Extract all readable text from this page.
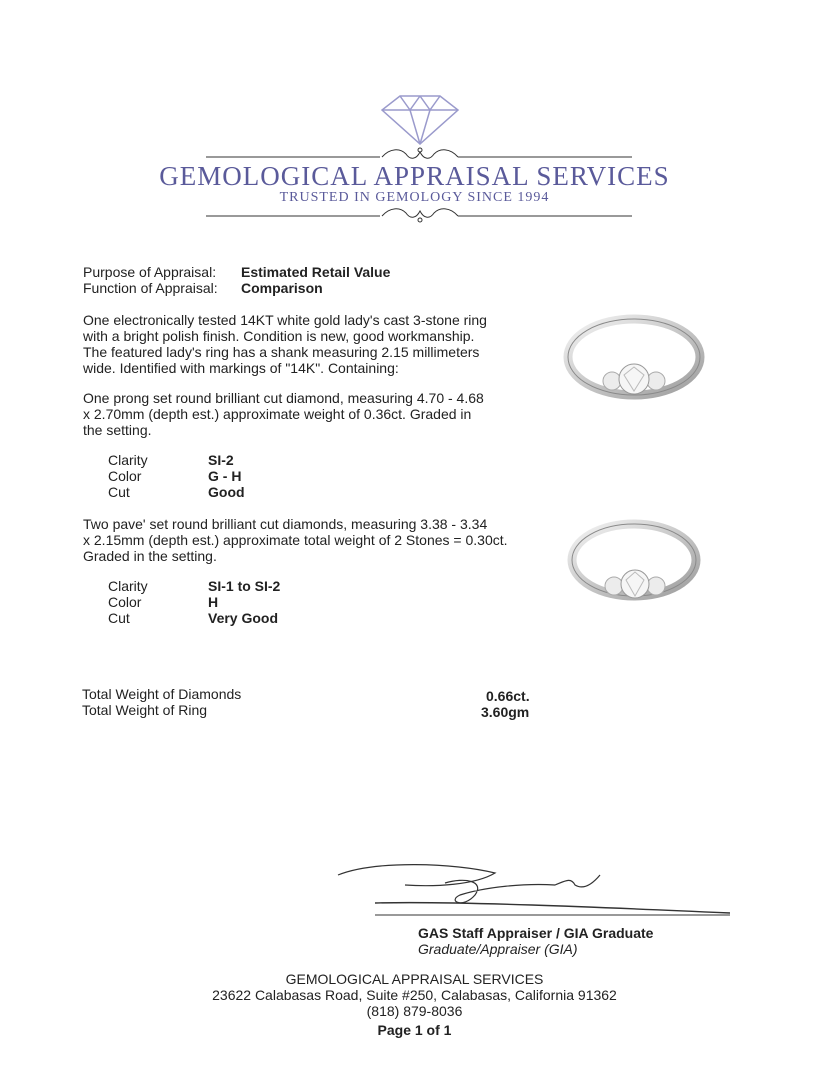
GEMOLOGICAL APPRAISAL SERVICES
TRUSTED IN GEMOLOGY SINCE 1994
Purpose of Appraisal: Estimated Retail Value
Function of Appraisal: Comparison
One electronically tested 14KT white gold lady's cast 3-stone ring
with a bright polish finish. Condition is new, good workmanship.
The featured lady's ring has a shank measuring 2.15 millimeters
wide. Identified with markings of "14K". Containing:
One prong set round brilliant cut diamond, measuring 4.70 - 4.68
x 2.70mm (depth est.) approximate weight of 0.36ct. Graded in
the setting.
Clarity	SI-2
Color	G - H
Cut	Good
Two pave' set round brilliant cut diamonds, measuring 3.38 - 3.34
x 2.15mm (depth est.) approximate total weight of 2 Stones = 0.30ct.
Graded in the setting.
Clarity	SI-1 to SI-2
Color	H
Cut	Very Good
Total Weight of Diamonds	0.66ct.
Total Weight of Ring	3.60gm
GAS Staff Appraiser / GIA Graduate
Graduate/Appraiser (GIA)
GEMOLOGICAL APPRAISAL SERVICES
23622 Calabasas Road, Suite #250, Calabasas, California 91362
(818) 879-8036
Page 1 of 1
